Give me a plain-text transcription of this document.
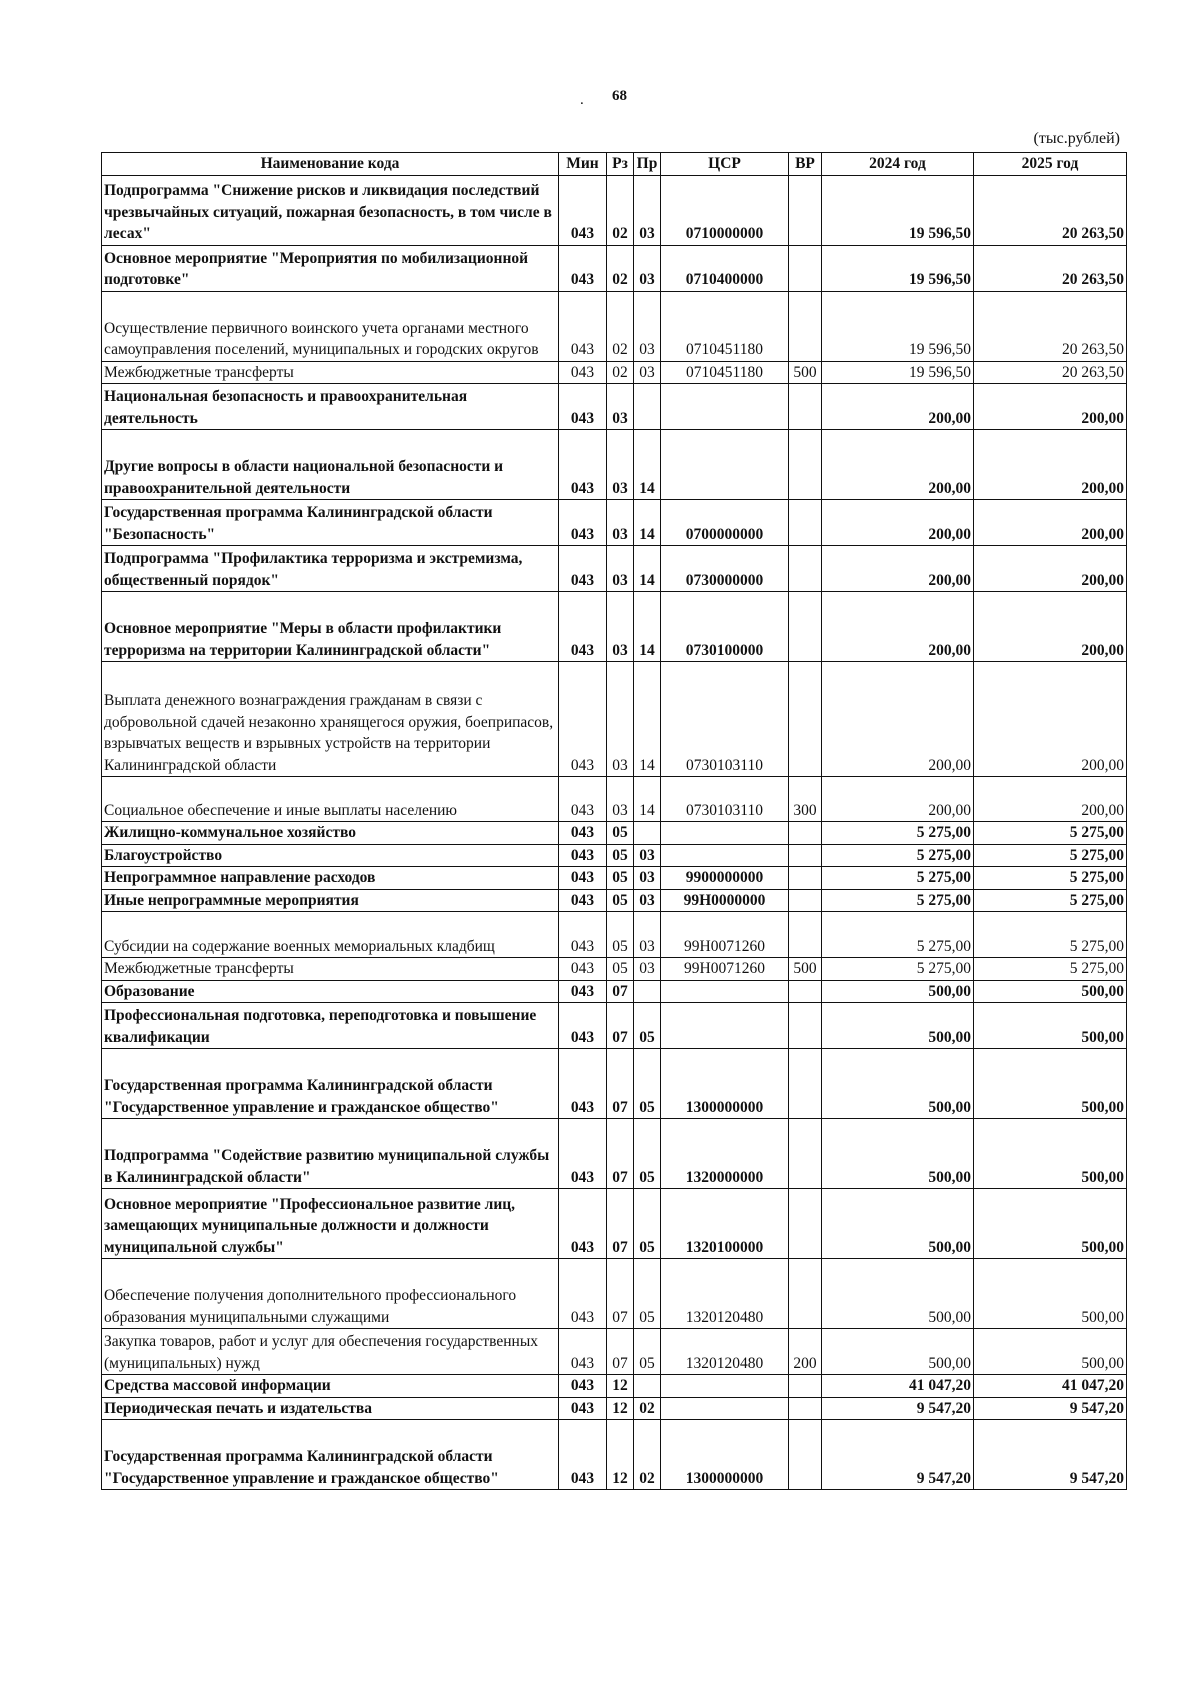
. 68
(тыс.рублей)
Наименование кода	Мин	Рз	Пр	ЦСР	ВР	2024 год	2025 год
Подпрограмма "Снижение рисков и ликвидация последствий чрезвычайных ситуаций, пожарная безопасность, в том числе в лесах"	043	02	03	0710000000		19 596,50	20 263,50
Основное мероприятие "Мероприятия по мобилизационной подготовке"	043	02	03	0710400000		19 596,50	20 263,50
Осуществление первичного воинского учета органами местного самоуправления поселений, муниципальных и городских округов	043	02	03	0710451180		19 596,50	20 263,50
Межбюджетные трансферты	043	02	03	0710451180	500	19 596,50	20 263,50
Национальная безопасность и правоохранительная деятельность	043	03				200,00	200,00
Другие вопросы в области национальной безопасности и правоохранительной деятельности	043	03	14			200,00	200,00
Государственная программа Калининградской области "Безопасность"	043	03	14	0700000000		200,00	200,00
Подпрограмма "Профилактика терроризма и экстремизма, общественный порядок"	043	03	14	0730000000		200,00	200,00
Основное мероприятие "Меры в области профилактики терроризма на территории Калининградской области"	043	03	14	0730100000		200,00	200,00
Выплата денежного вознаграждения гражданам в связи с добровольной сдачей незаконно хранящегося оружия, боеприпасов, взрывчатых веществ и взрывных устройств на территории Калининградской области	043	03	14	0730103110		200,00	200,00
Социальное обеспечение и иные выплаты населению	043	03	14	0730103110	300	200,00	200,00
Жилищно-коммунальное хозяйство	043	05				5 275,00	5 275,00
Благоустройство	043	05	03			5 275,00	5 275,00
Непрограммное направление расходов	043	05	03	9900000000		5 275,00	5 275,00
Иные непрограммные мероприятия	043	05	03	99Н0000000		5 275,00	5 275,00
Субсидии на содержание военных мемориальных кладбищ	043	05	03	99Н0071260		5 275,00	5 275,00
Межбюджетные трансферты	043	05	03	99Н0071260	500	5 275,00	5 275,00
Образование	043	07				500,00	500,00
Профессиональная подготовка, переподготовка и повышение квалификации	043	07	05			500,00	500,00
Государственная программа Калининградской области "Государственное управление и гражданское общество"	043	07	05	1300000000		500,00	500,00
Подпрограмма "Содействие развитию муниципальной службы в Калининградской области"	043	07	05	1320000000		500,00	500,00
Основное мероприятие "Профессиональное развитие лиц, замещающих муниципальные должности и должности муниципальной службы"	043	07	05	1320100000		500,00	500,00
Обеспечение получения дополнительного профессионального образования муниципальными служащими	043	07	05	1320120480		500,00	500,00
Закупка товаров, работ и услуг для обеспечения государственных (муниципальных) нужд	043	07	05	1320120480	200	500,00	500,00
Средства массовой информации	043	12				41 047,20	41 047,20
Периодическая печать и издательства	043	12	02			9 547,20	9 547,20
Государственная программа Калининградской области "Государственное управление и гражданское общество"	043	12	02	1300000000		9 547,20	9 547,20
